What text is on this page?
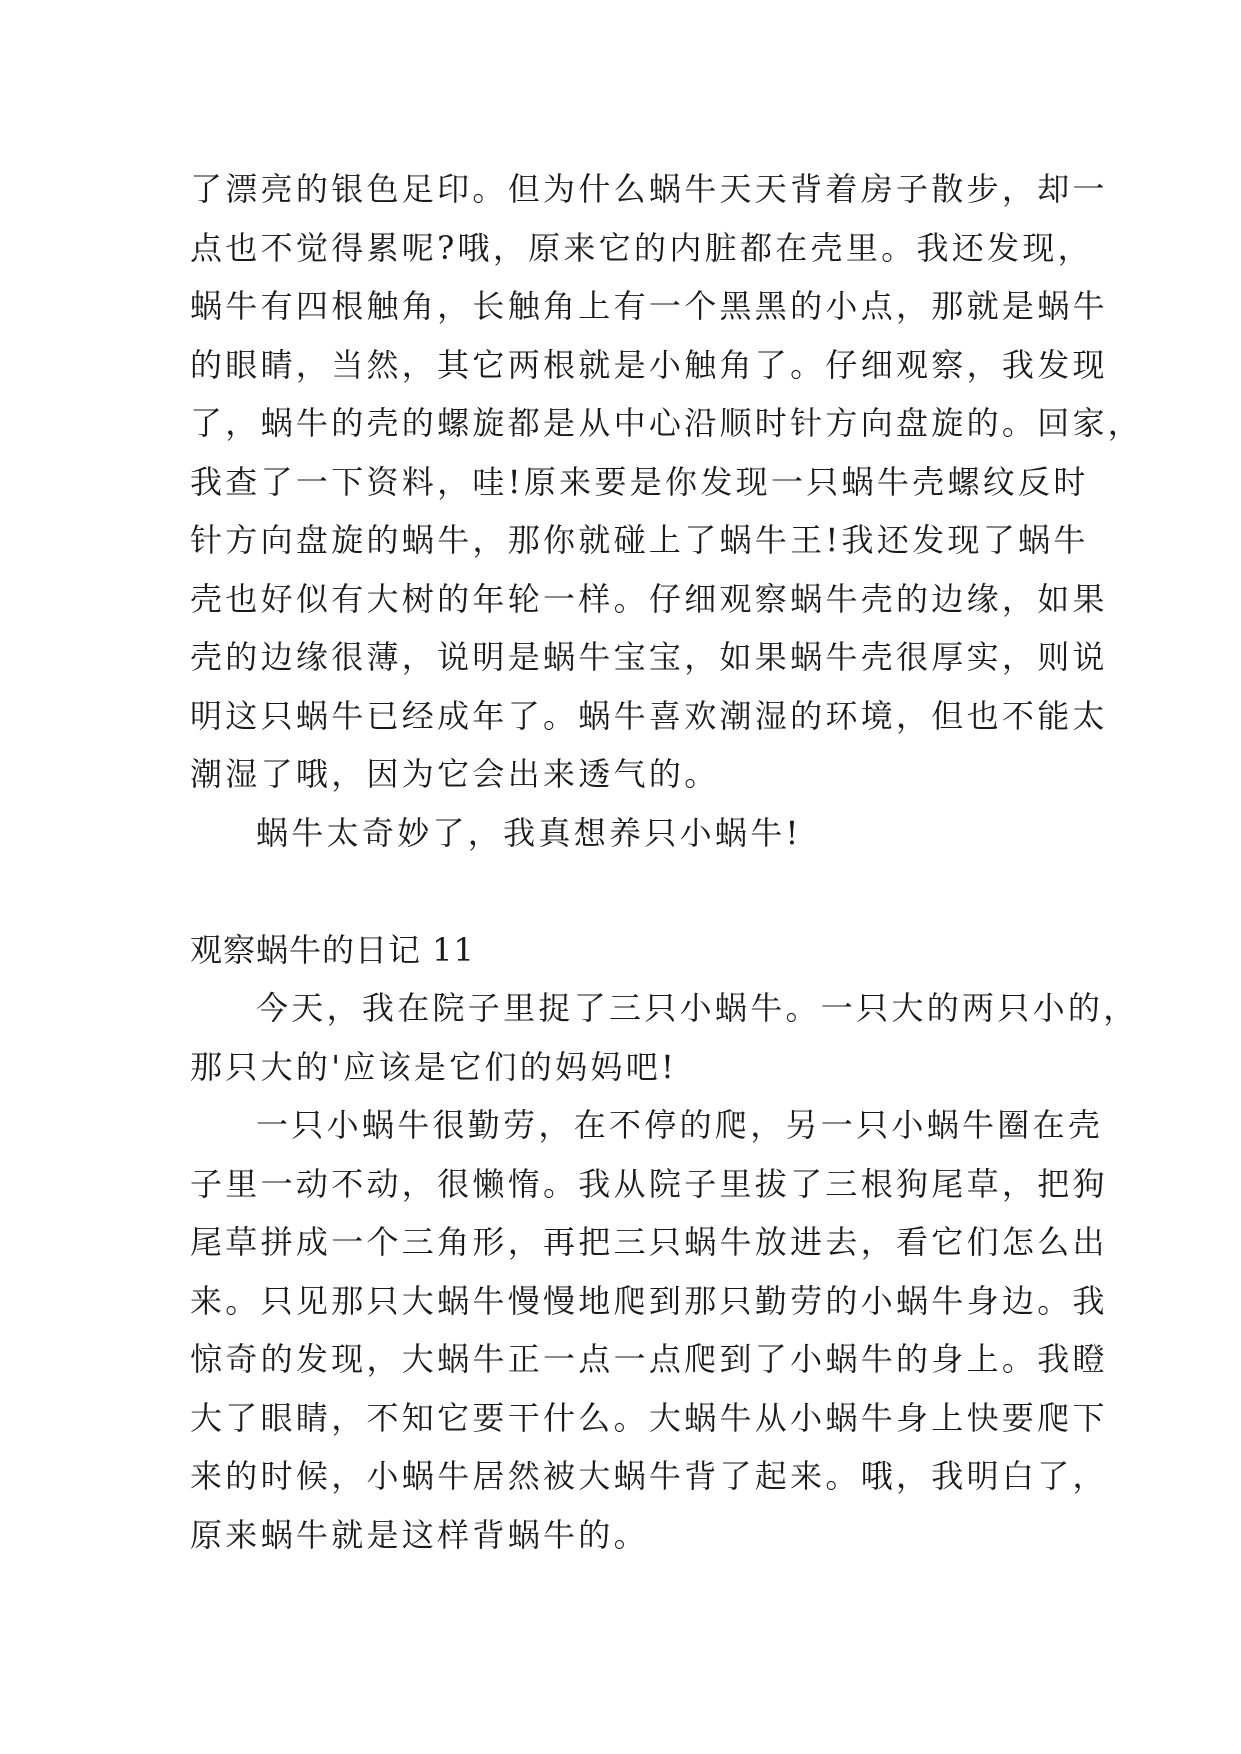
了漂亮的银色足印。但为什么蜗牛天天背着房子散步，却一
点也不觉得累呢?哦，原来它的内脏都在壳里。我还发现，
蜗牛有四根触角，长触角上有一个黑黑的小点，那就是蜗牛
的眼睛，当然，其它两根就是小触角了。仔细观察，我发现
了，蜗牛的壳的螺旋都是从中心沿顺时针方向盘旋的。回家，
我查了一下资料，哇!原来要是你发现一只蜗牛壳螺纹反时
针方向盘旋的蜗牛，那你就碰上了蜗牛王!我还发现了蜗牛
壳也好似有大树的年轮一样。仔细观察蜗牛壳的边缘，如果
壳的边缘很薄，说明是蜗牛宝宝，如果蜗牛壳很厚实，则说
明这只蜗牛已经成年了。蜗牛喜欢潮湿的环境，但也不能太
潮湿了哦，因为它会出来透气的。
蜗牛太奇妙了，我真想养只小蜗牛!
观察蜗牛的日记 11
今天，我在院子里捉了三只小蜗牛。一只大的两只小的，
那只大的'应该是它们的妈妈吧!
一只小蜗牛很勤劳，在不停的爬，另一只小蜗牛圈在壳
子里一动不动，很懒惰。我从院子里拔了三根狗尾草，把狗
尾草拼成一个三角形，再把三只蜗牛放进去，看它们怎么出
来。只见那只大蜗牛慢慢地爬到那只勤劳的小蜗牛身边。我
惊奇的发现，大蜗牛正一点一点爬到了小蜗牛的身上。我瞪
大了眼睛，不知它要干什么。大蜗牛从小蜗牛身上快要爬下
来的时候，小蜗牛居然被大蜗牛背了起来。哦，我明白了，
原来蜗牛就是这样背蜗牛的。
